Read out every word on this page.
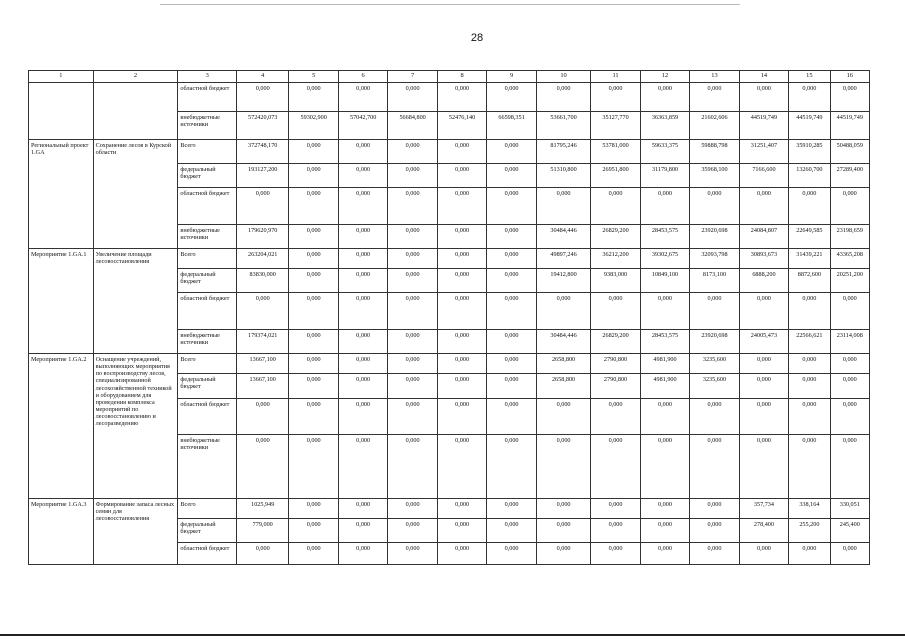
28
1	2	3	4	5	6	7	8	9	10	11	12	13	14	15	16
		областной бюджет	0,000	0,000	0,000	0,000	0,000	0,000	0,000	0,000	0,000	0,000	0,000	0,000	0,000
		внебюджетные источники	572420,073	59302,900	57042,700	56684,800	52476,140	66598,351	53661,700	35127,770	36363,859	21602,606	44519,749	44519,749	44519,749
Региональный проект 1.GA	Сохранение лесов в Курской области	Всего	372748,170	0,000	0,000	0,000	0,000	0,000	81795,246	53781,000	59633,375	59888,798	31251,407	35910,285	50488,059
		федеральный бюджет	193127,200	0,000	0,000	0,000	0,000	0,000	51310,800	26951,800	31179,800	35968,100	7166,600	13260,700	27289,400
		областной бюджет	0,000	0,000	0,000	0,000	0,000	0,000	0,000	0,000	0,000	0,000	0,000	0,000	0,000
		внебюджетные источники	179620,970	0,000	0,000	0,000	0,000	0,000	30484,446	26829,200	28453,575	23920,698	24084,807	22649,585	23198,659
Мероприятие 1.GA.1	Увеличение площади лесовосстановления	Всего	263204,021	0,000	0,000	0,000	0,000	0,000	49897,246	36212,200	39302,675	32093,798	30893,673	31439,221	43365,208
		федеральный бюджет	83830,000	0,000	0,000	0,000	0,000	0,000	19412,800	9383,000	10849,100	8173,100	6888,200	8872,600	20251,200
		областной бюджет	0,000	0,000	0,000	0,000	0,000	0,000	0,000	0,000	0,000	0,000	0,000	0,000	0,000
		внебюджетные источники	179374,021	0,000	0,000	0,000	0,000	0,000	30484,446	26829,200	28453,575	23920,698	24005,473	22566,621	23114,008
Мероприятие 1.GA.2	Оснащение учреждений, выполняющих мероприятия по воспроизводству лесов, специализированной лесохозяйственной техникой и оборудованием для проведения комплекса мероприятий по лесовосстановлению и лесоразведению	Всего	13667,100	0,000	0,000	0,000	0,000	0,000	2658,800	2790,800	4981,900	3235,600	0,000	0,000	0,000
		федеральный бюджет	13667,100	0,000	0,000	0,000	0,000	0,000	2658,800	2790,800	4981,900	3235,600	0,000	0,000	0,000
		областной бюджет	0,000	0,000	0,000	0,000	0,000	0,000	0,000	0,000	0,000	0,000	0,000	0,000	0,000
		внебюджетные источники	0,000	0,000	0,000	0,000	0,000	0,000	0,000	0,000	0,000	0,000	0,000	0,000	0,000
Мероприятие 1.GA.3	Формирование запаса лесных семян для лесовосстановления	Всего	1025,949	0,000	0,000	0,000	0,000	0,000	0,000	0,000	0,000	0,000	357,734	338,164	330,051
		федеральный бюджет	779,000	0,000	0,000	0,000	0,000	0,000	0,000	0,000	0,000	0,000	278,400	255,200	245,400
		областной бюджет	0,000	0,000	0,000	0,000	0,000	0,000	0,000	0,000	0,000	0,000	0,000	0,000	0,000
